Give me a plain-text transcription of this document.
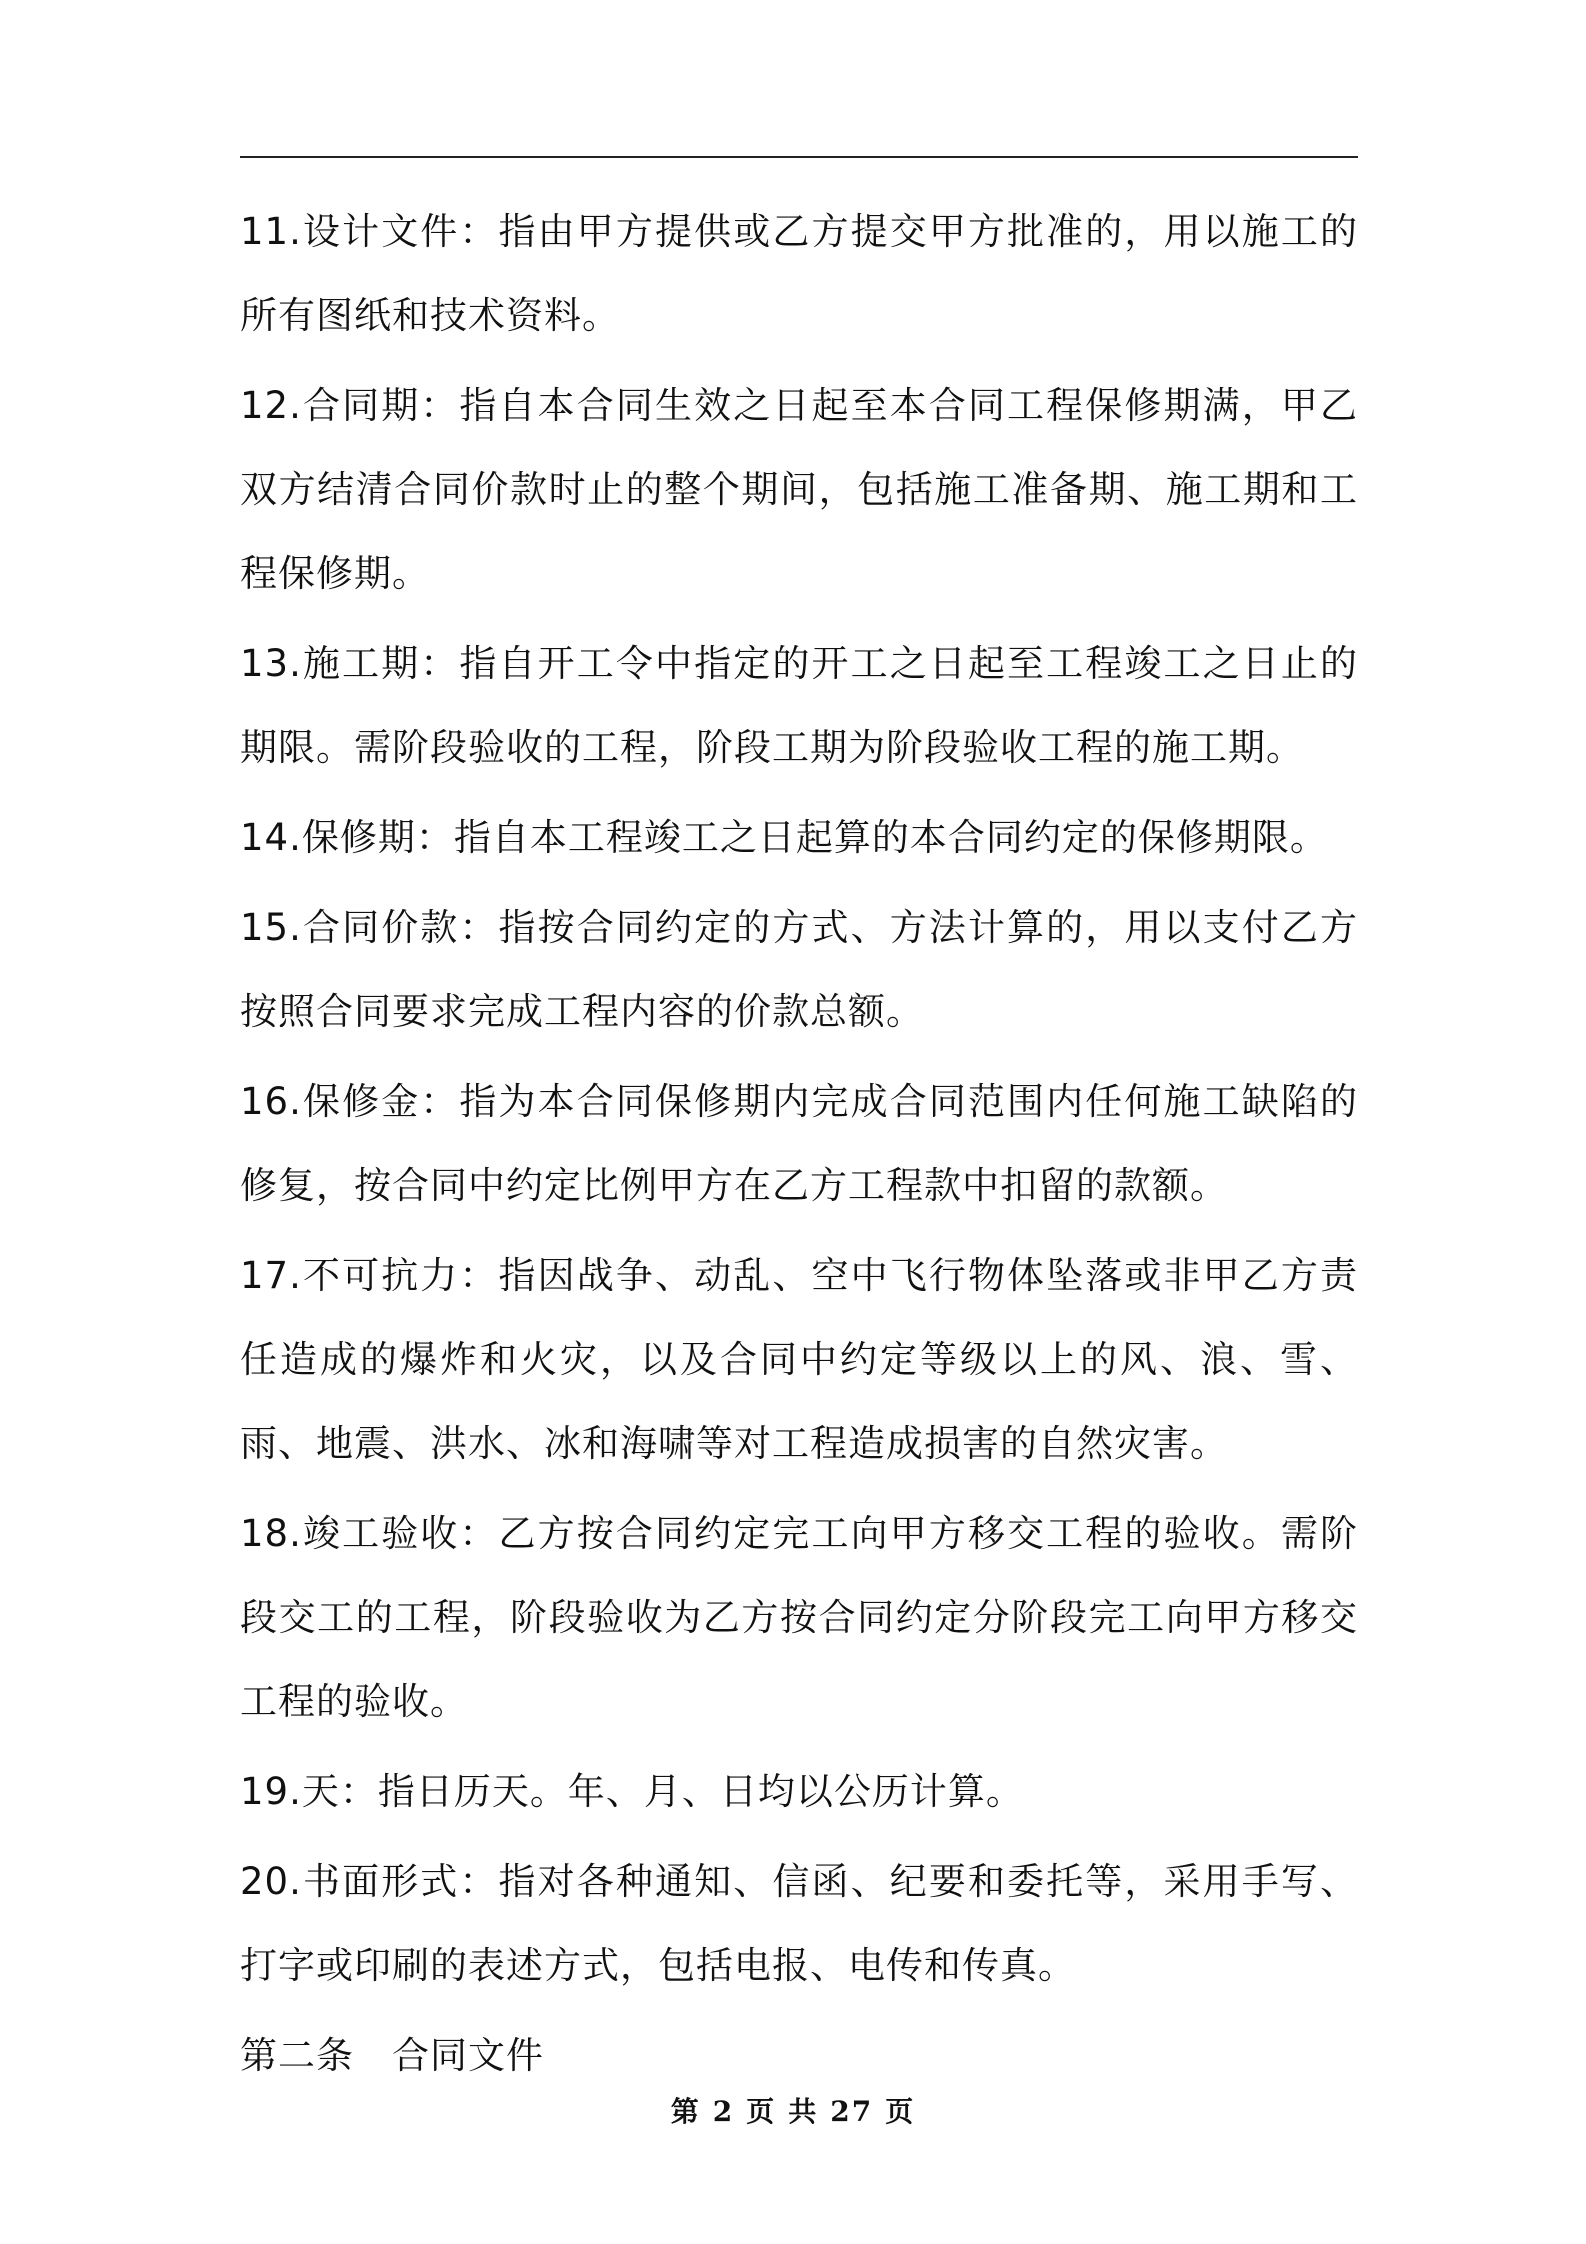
11.设计文件：指由甲方提供或乙方提交甲方批准的，用以施工的所有图纸和技术资料。

12.合同期：指自本合同生效之日起至本合同工程保修期满，甲乙双方结清合同价款时止的整个期间，包括施工准备期、施工期和工程保修期。

13.施工期：指自开工令中指定的开工之日起至工程竣工之日止的期限。需阶段验收的工程，阶段工期为阶段验收工程的施工期。

14.保修期：指自本工程竣工之日起算的本合同约定的保修期限。

15.合同价款：指按合同约定的方式、方法计算的，用以支付乙方按照合同要求完成工程内容的价款总额。

16.保修金：指为本合同保修期内完成合同范围内任何施工缺陷的修复，按合同中约定比例甲方在乙方工程款中扣留的款额。

17.不可抗力：指因战争、动乱、空中飞行物体坠落或非甲乙方责任造成的爆炸和火灾，以及合同中约定等级以上的风、浪、雪、雨、地震、洪水、冰和海啸等对工程造成损害的自然灾害。

18.竣工验收：乙方按合同约定完工向甲方移交工程的验收。需阶段交工的工程，阶段验收为乙方按合同约定分阶段完工向甲方移交工程的验收。

19.天：指日历天。年、月、日均以公历计算。

20.书面形式：指对各种通知、信函、纪要和委托等，采用手写、打字或印刷的表述方式，包括电报、电传和传真。

第二条　合同文件

第 2 页 共 27 页
